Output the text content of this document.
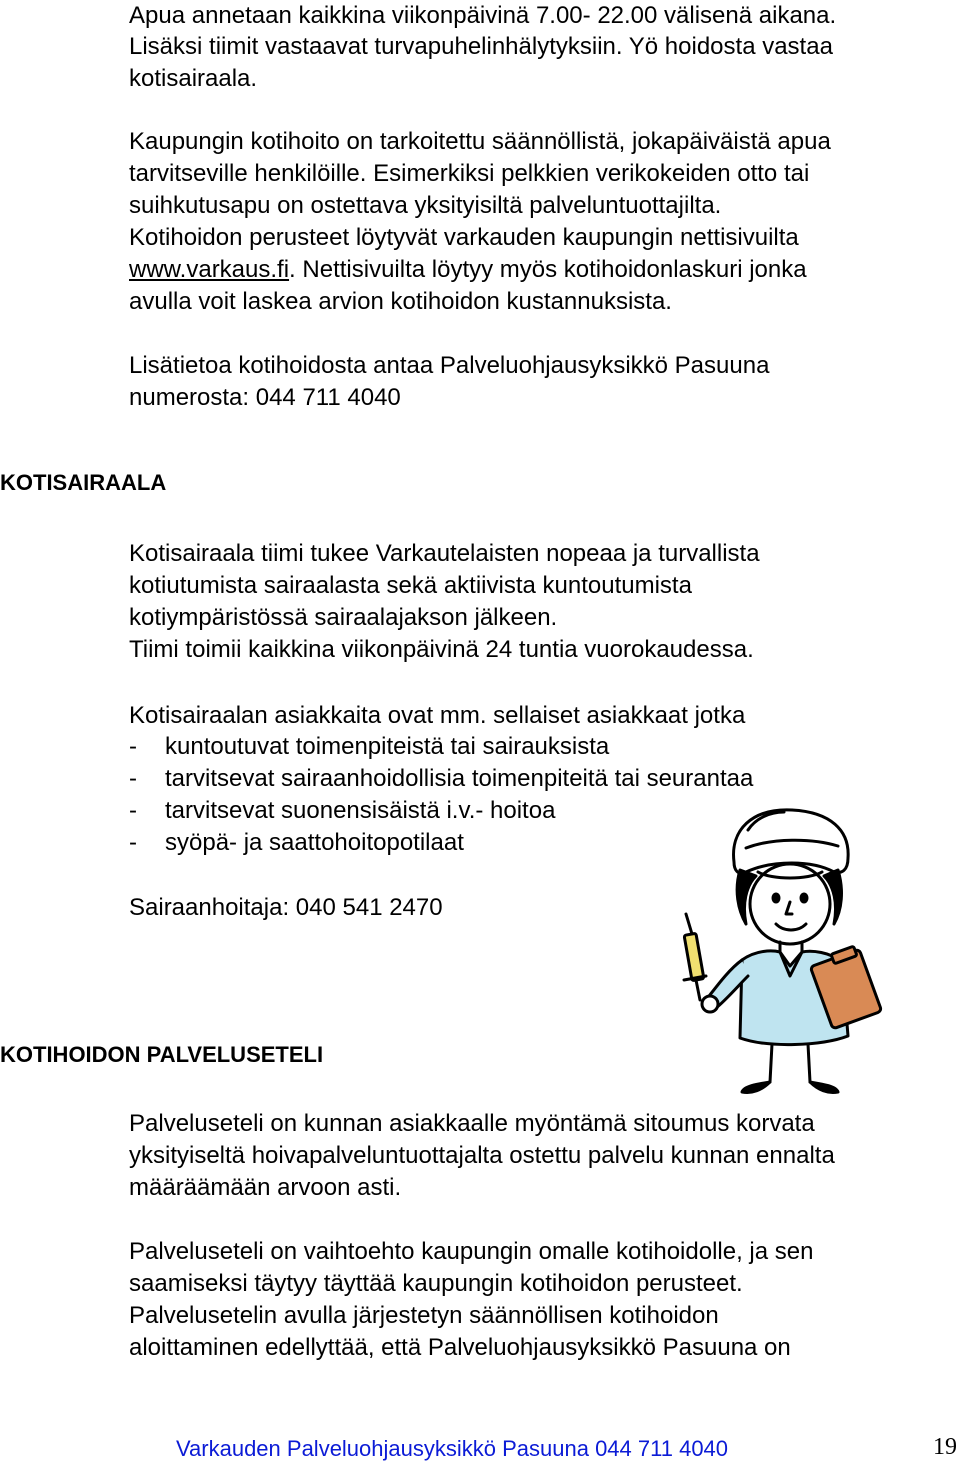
Apua annetaan kaikkina viikonpäivinä 7.00- 22.00 välisenä aikana.
Lisäksi tiimit vastaavat turvapuhelinhälytyksiin. Yö hoidosta vastaa
kotisairaala.
Kaupungin kotihoito on tarkoitettu säännöllistä, jokapäiväistä apua
tarvitseville henkilöille. Esimerkiksi pelkkien verikokeiden otto tai
suihkutusapu on ostettava yksityisiltä palveluntuottajilta.
Kotihoidon perusteet löytyvät varkauden kaupungin nettisivuilta
www.varkaus.fi. Nettisivuilta löytyy myös kotihoidonlaskuri jonka
avulla voit laskea arvion kotihoidon kustannuksista.
Lisätietoa kotihoidosta antaa Palveluohjausyksikkö Pasuuna
numerosta: 044 711 4040
KOTISAIRAALA
Kotisairaala tiimi tukee Varkautelaisten nopeaa ja turvallista
kotiutumista sairaalasta sekä aktiivista kuntoutumista
kotiympäristössä sairaalajakson jälkeen.
Tiimi toimii kaikkina viikonpäivinä 24 tuntia vuorokaudessa.
Kotisairaalan asiakkaita ovat mm. sellaiset asiakkaat jotka
- kuntoutuvat toimenpiteistä tai sairauksista
- tarvitsevat sairaanhoidollisia toimenpiteitä tai seurantaa
- tarvitsevat suonensisäistä i.v.- hoitoa
- syöpä- ja saattohoitopotilaat
Sairaanhoitaja: 040 541 2470
KOTIHOIDON PALVELUSETELI
Palveluseteli on kunnan asiakkaalle myöntämä sitoumus korvata
yksityiseltä hoivapalveluntuottajalta ostettu palvelu kunnan ennalta
määräämään arvoon asti.
Palveluseteli on vaihtoehto kaupungin omalle kotihoidolle, ja sen
saamiseksi täytyy täyttää kaupungin kotihoidon perusteet.
Palvelusetelin avulla järjestetyn säännöllisen kotihoidon
aloittaminen edellyttää, että Palveluohjausyksikkö Pasuuna on
Varkauden Palveluohjausyksikkö Pasuuna 044 711 4040	19
